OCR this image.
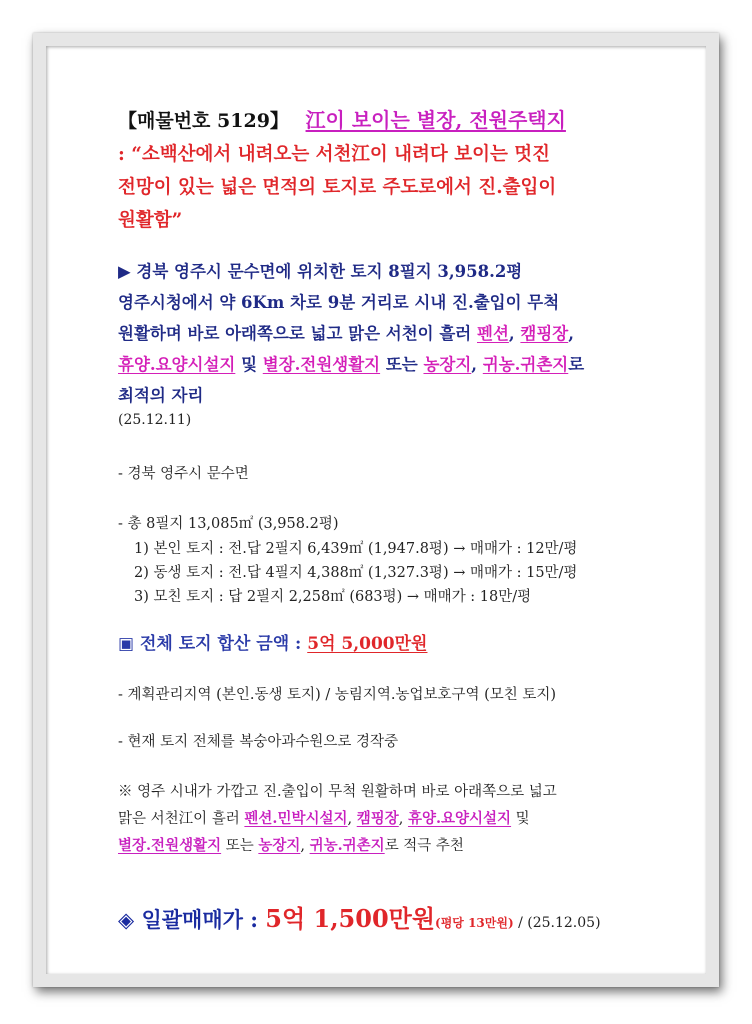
【매물번호 5129】 江이 보이는 별장, 전원주택지
: “소백산에서 내려오는 서천江이 내려다 보이는 멋진
전망이 있는 넓은 면적의 토지로 주도로에서 진.출입이
원활함”
▶ 경북 영주시 문수면에 위치한 토지 8필지 3,958.2평
영주시청에서 약 6Km 차로 9분 거리로 시내 진.출입이 무척
원활하며 바로 아래쪽으로 넓고 맑은 서천이 흘러 펜션, 캠핑장,
휴양.요양시설지 및 별장.전원생활지 또는 농장지, 귀농.귀촌지로
최적의 자리
(25.12.11)
- 경북 영주시 문수면
- 총 8필지 13,085㎡ (3,958.2평)
1) 본인 토지 : 전.답 2필지 6,439㎡ (1,947.8평) → 매매가 : 12만/평
2) 동생 토지 : 전.답 4필지 4,388㎡ (1,327.3평) → 매매가 : 15만/평
3) 모친 토지 : 답 2필지 2,258㎡ (683평) → 매매가 : 18만/평
▣ 전체 토지 합산 금액 : 5억 5,000만원
- 계획관리지역 (본인.동생 토지) / 농림지역.농업보호구역 (모친 토지)
- 현재 토지 전체를 복숭아과수원으로 경작중
※ 영주 시내가 가깝고 진.출입이 무척 원활하며 바로 아래쪽으로 넓고
맑은 서천江이 흘러 펜션.민박시설지, 캠핑장, 휴양.요양시설지 및
별장.전원생활지 또는 농장지, 귀농.귀촌지로 적극 추천
◈ 일괄매매가 : 5억 1,500만원(평당 13만원) / (25.12.05)
